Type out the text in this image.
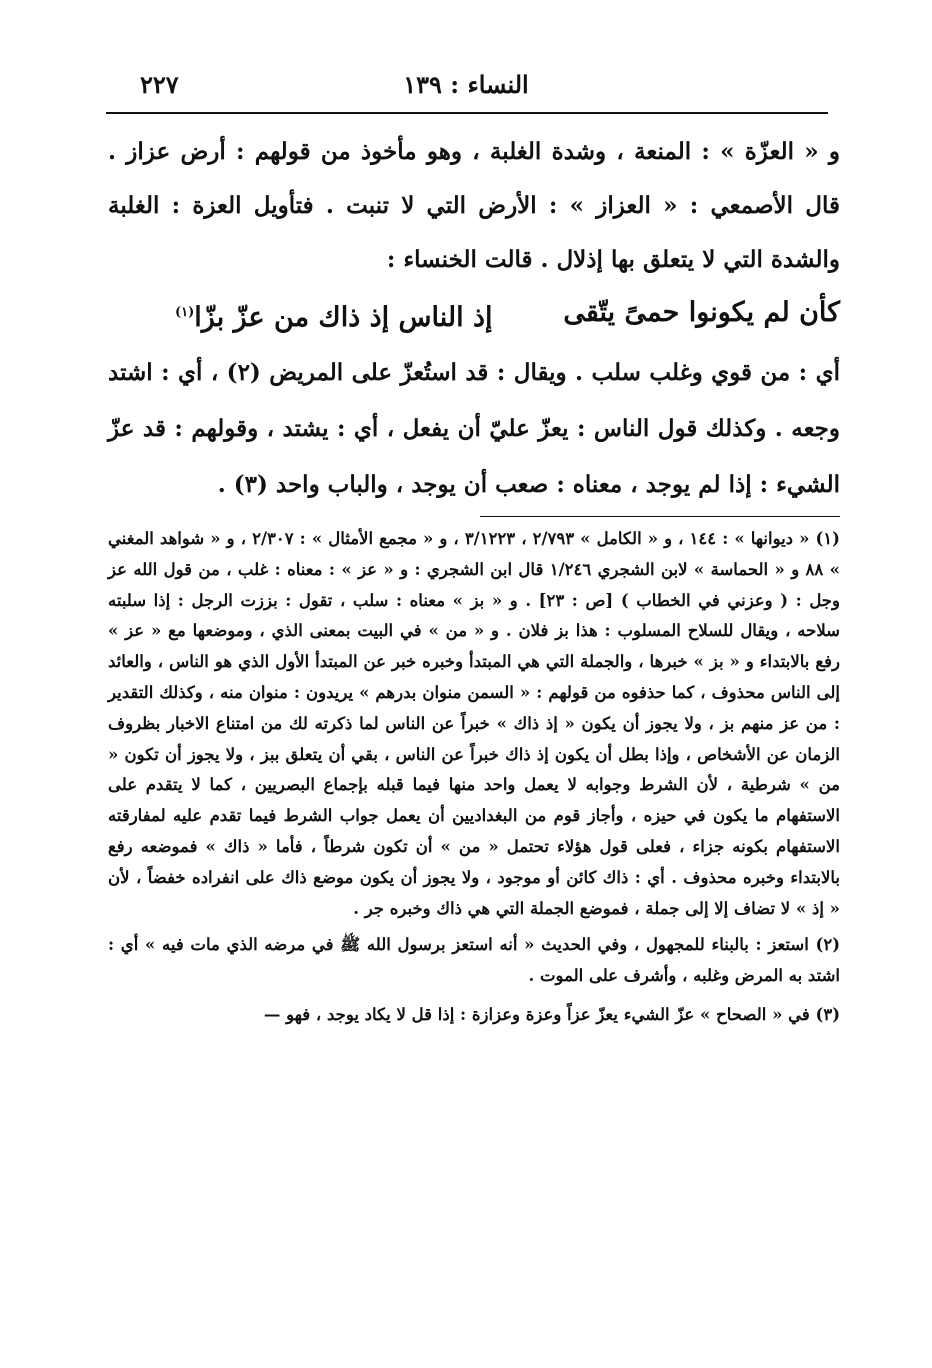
٢٢٧	النساء : ١٣٩

و « العزّة » : المنعة ، وشدة الغلبة ، وهو مأخوذ من قولهم : أرض عزاز . قال الأصمعي : « العزاز » : الأرض التي لا تنبت . فتأويل العزة : الغلبة والشدة التي لا يتعلق بها إذلال . قالت الخنساء :

كأن لم يكونوا حمىً يتّقى
إذ الناس إذ ذاك من عزّ بزّا$^{(١)}$

أي : من قوي وغلب سلب . ويقال : قد استُعزّ على المريض (٢) ، أي : اشتد وجعه . وكذلك قول الناس : يعزّ عليّ أن يفعل ، أي : يشتد ، وقولهم : قد عزّ الشيء : إذا لم يوجد ، معناه : صعب أن يوجد ، والباب واحد (٣) .

(١) « ديوانها » : ١٤٤ ، و « الكامل » ٢/٧٩٣ ، ٣/١٢٢٣ ، و « مجمع الأمثال » : ٢/٣٠٧ ، و « شواهد المغني » ٨٨ و « الحماسة » لابن الشجري ١/٢٤٦ قال ابن الشجري : و « عز » : معناه : غلب ، من قول الله عز وجل : ( وعزني في الخطاب ) [ص : ٢٣] . و « بز » معناه : سلب ، تقول : بززت الرجل : إذا سلبته سلاحه ، ويقال للسلاح المسلوب : هذا بز فلان . و « من » في البيت بمعنى الذي ، وموضعها مع « عز » رفع بالابتداء و « بز » خبرها ، والجملة التي هي المبتدأ وخبره خبر عن المبتدأ الأول الذي هو الناس ، والعائد إلى الناس محذوف ، كما حذفوه من قولهم : « السمن منوان بدرهم » يريدون : منوان منه ، وكذلك التقدير : من عز منهم بز ، ولا يجوز أن يكون « إذ ذاك » خبراً عن الناس لما ذكرته لك من امتناع الاخبار بظروف الزمان عن الأشخاص ، وإذا بطل أن يكون إذ ذاك خبراً عن الناس ، بقي أن يتعلق ببز ، ولا يجوز أن تكون « من » شرطية ، لأن الشرط وجوابه لا يعمل واحد منها فيما قبله بإجماع البصريين ، كما لا يتقدم على الاستفهام ما يكون في حيزه ، وأجاز قوم من البغداديين أن يعمل جواب الشرط فيما تقدم عليه لمفارقته الاستفهام بكونه جزاء ، فعلى قول هؤلاء تحتمل « من » أن تكون شرطاً ، فأما « ذاك » فموضعه رفع بالابتداء وخبره محذوف . أي : ذاك كائن أو موجود ، ولا يجوز أن يكون موضع ذاك على انفراده خفضاً ، لأن « إذ » لا تضاف إلا إلى جملة ، فموضع الجملة التي هي ذاك وخبره جر .

(٢) استعز : بالبناء للمجهول ، وفي الحديث « أنه استعز برسول الله ﷺ في مرضه الذي مات فيه » أي : اشتد به المرض وغلبه ، وأشرف على الموت .

(٣) في « الصحاح » عزّ الشيء يعزّ عزاً وعزة وعزازة : إذا قل لا يكاد يوجد ، فهو —
